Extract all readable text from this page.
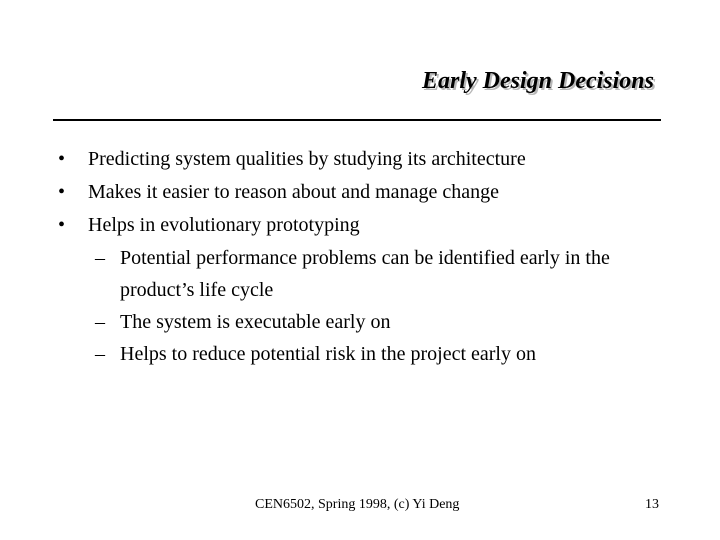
Early Design Decisions
• Predicting system qualities by studying its architecture
• Makes it easier to reason about and manage change
• Helps in evolutionary prototyping
– Potential performance problems can be identified early in the product’s life cycle
– The system is executable early on
– Helps to reduce potential risk in the project early on
CEN6502, Spring 1998, (c) Yi Deng	13
